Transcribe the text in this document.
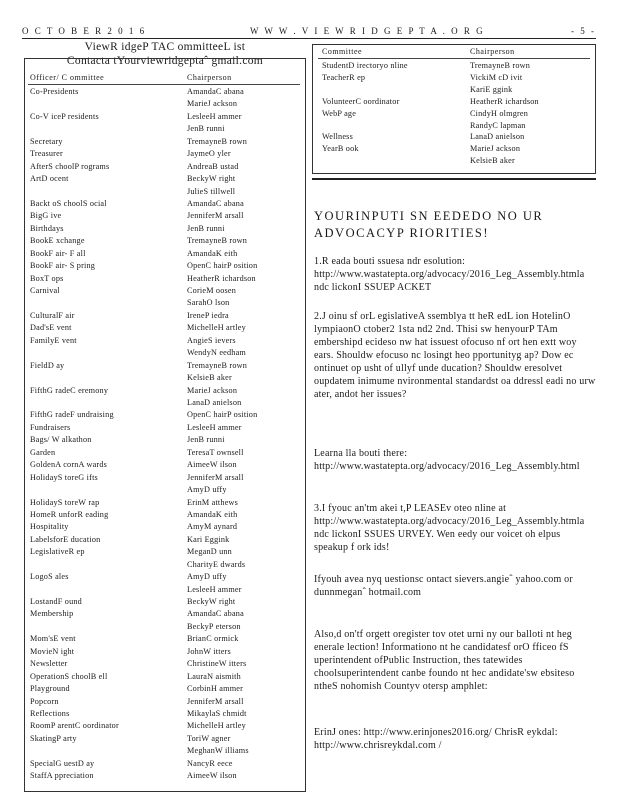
O C T O B E R 2 0 1 6	W W W . V I E W R I D G E P T A . O R G	- 5 -
ViewR idgeP TAC ommitteeL ist
Contacta tYourviewridgeptaˆ gmail.com
Officer/ C ommittee	Chairperson
Co-Presidents	AmandaC abana
MarieJ ackson
Co-V iceP residents	LesleeH ammer
JenB runni
Secretary	TremayneB rown
Treasurer	JaymeO yler
AfterS choolP rograms	AndreaB ustad
ArtD ocent	BeckyW right
JulieS tillwell
Backt oS choolS ocial	AmandaC abana
BigG ive	JenniferM arsall
Birthdays	JenB runni
BookE xchange	TremayneB rown
BookF air- F all	AmandaK eith
BookF air- S pring	OpenC hairP osition
BoxT ops	HeatherR ichardson
Carnival	CorieM oosen
SarahO lson
CulturalF air	IreneP iedra
Dad'sE vent	MichelleH artley
FamilyE vent	AngieS ievers
WendyN eedham
FieldD ay	TremayneB rown
KelsieB aker
FifthG radeC eremony	MarieJ ackson
LanaD anielson
FifthG radeF undraising	OpenC hairP osition
Fundraisers	LesleeH ammer
Bags/ W alkathon	JenB runni
Garden	TeresaT ownsell
GoldenA cornA wards	AimeeW ilson
HolidayS toreG ifts	JenniferM arsall
AmyD uffy
HolidayS toreW rap	ErinM atthews
HomeR unforR eading	AmandaK eith
Hospitality	AmyM aynard
LabelsforE ducation	Kari Eggink
LegislativeR ep	MeganD unn
CharityE dwards
LogoS ales	AmyD uffy
LesleeH ammer
LostandF ound	BeckyW right
Membership	AmandaC abana
BeckyP eterson
Mom'sE vent	BrianC ormick
MovieN ight	JohnW itters
Newsletter	ChristineW itters
OperationS choolB ell	LauraN aismith
Playground	CorbinH ammer
Popcorn	JenniferM arsall
Reflections	MikaylaS chmidt
RoomP arentC oordinator	MichelleH artley
SkatingP arty	ToriW agner
MeghanW illiams
SpecialG uestD ay	NancyR eece
StaffA ppreciation	AimeeW ilson
Committee	Chairperson
StudentD irectoryo nline	TremayneB rown
TeacherR ep	VickiM cD ivit
KariE ggink
VolunteerC oordinator	HeatherR ichardson
WebP age	CindyH olmgren
RandyC lapman
Wellness	LanaD anielson
YearB ook	MarieJ ackson
KelsieB aker
YOURINPUTI SN EEDEDO NO UR ADVOCACYP RIORITIES!
1.R eada bouti ssuesa ndr esolution: http://www.wastatepta.org/advocacy/2016_Leg_Assembly.htmla ndc lickonI SSUEP ACKET
2.J oinu sf orL egislativeA ssemblya tt heR edL ion HotelinO lympiaonO ctober2 1sta nd2 2nd. Thisi sw henyourP TAm embershipd ecideso nw hat issuest ofocuso nf ort hen extt woy ears. Shouldw efocuso nc losingt heo pportunityg ap? Dow ec ontinuet op usht of ullyf unde ducation? Shouldw eresolvet oupdatem inimume nvironmental standardst oa ddressl eadi no urw ater, andot her issues?
Learna lla bouti there: http://www.wastatepta.org/advocacy/2016_Leg_Assembly.html
3.I fyouc an'tm akei t,P LEASEv oteo nline at http://www.wastatepta.org/advocacy/2016_Leg_Assembly.htmla ndc lickonI SSUES URVEY. Wen eedy our voicet oh elpus speakup f ork ids!
Ifyouh avea nyq uestionsc ontact sievers.angieˆ yahoo.com or dunnmeganˆ hotmail.com
Also,d on'tf orgett oregister tov otet urni ny our balloti nt heg enerale lection! Informationo nt he candidatesf orO fficeo fS uperintendent ofPublic Instruction, thes tatewides choolsuperintendent canbe foundo nt hec andidate'sw ebsiteso ntheS nohomish Countyv otersp amphlet:
ErinJ ones: http://www.erinjones2016.org/ ChrisR eykdal: http://www.chrisreykdal.com /
